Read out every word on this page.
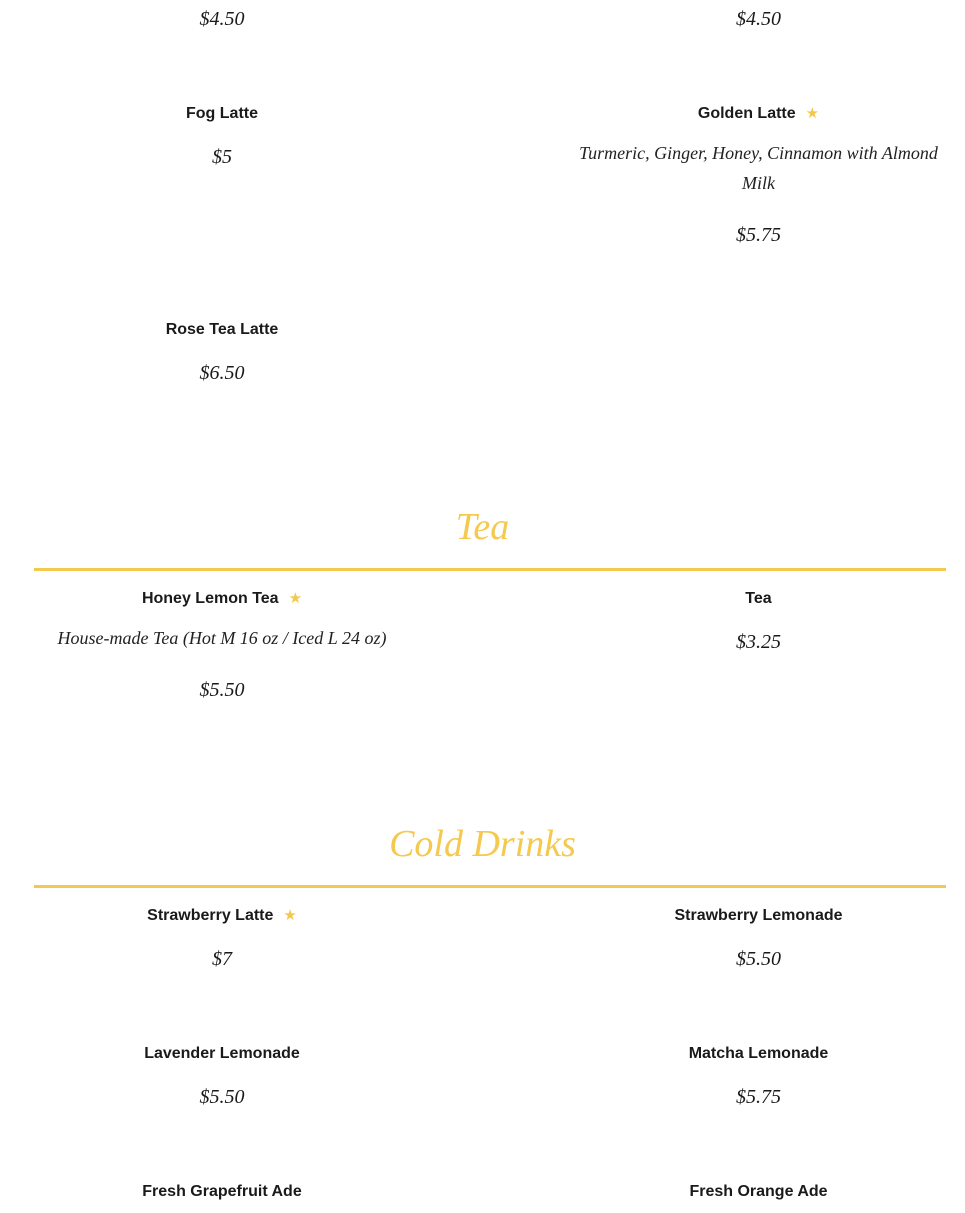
$4.50	$4.50
Fog Latte
$5
Golden Latte ★
Turmeric, Ginger, Honey, Cinnamon with Almond Milk
$5.75
Rose Tea Latte
$6.50
Tea
Honey Lemon Tea ★
House-made Tea (Hot M 16 oz / Iced L 24 oz)
$5.50
Tea
$3.25
Cold Drinks
Strawberry Latte ★
$7
Strawberry Lemonade
$5.50
Lavender Lemonade
$5.50
Matcha Lemonade
$5.75
Fresh Grapefruit Ade	Fresh Orange Ade
